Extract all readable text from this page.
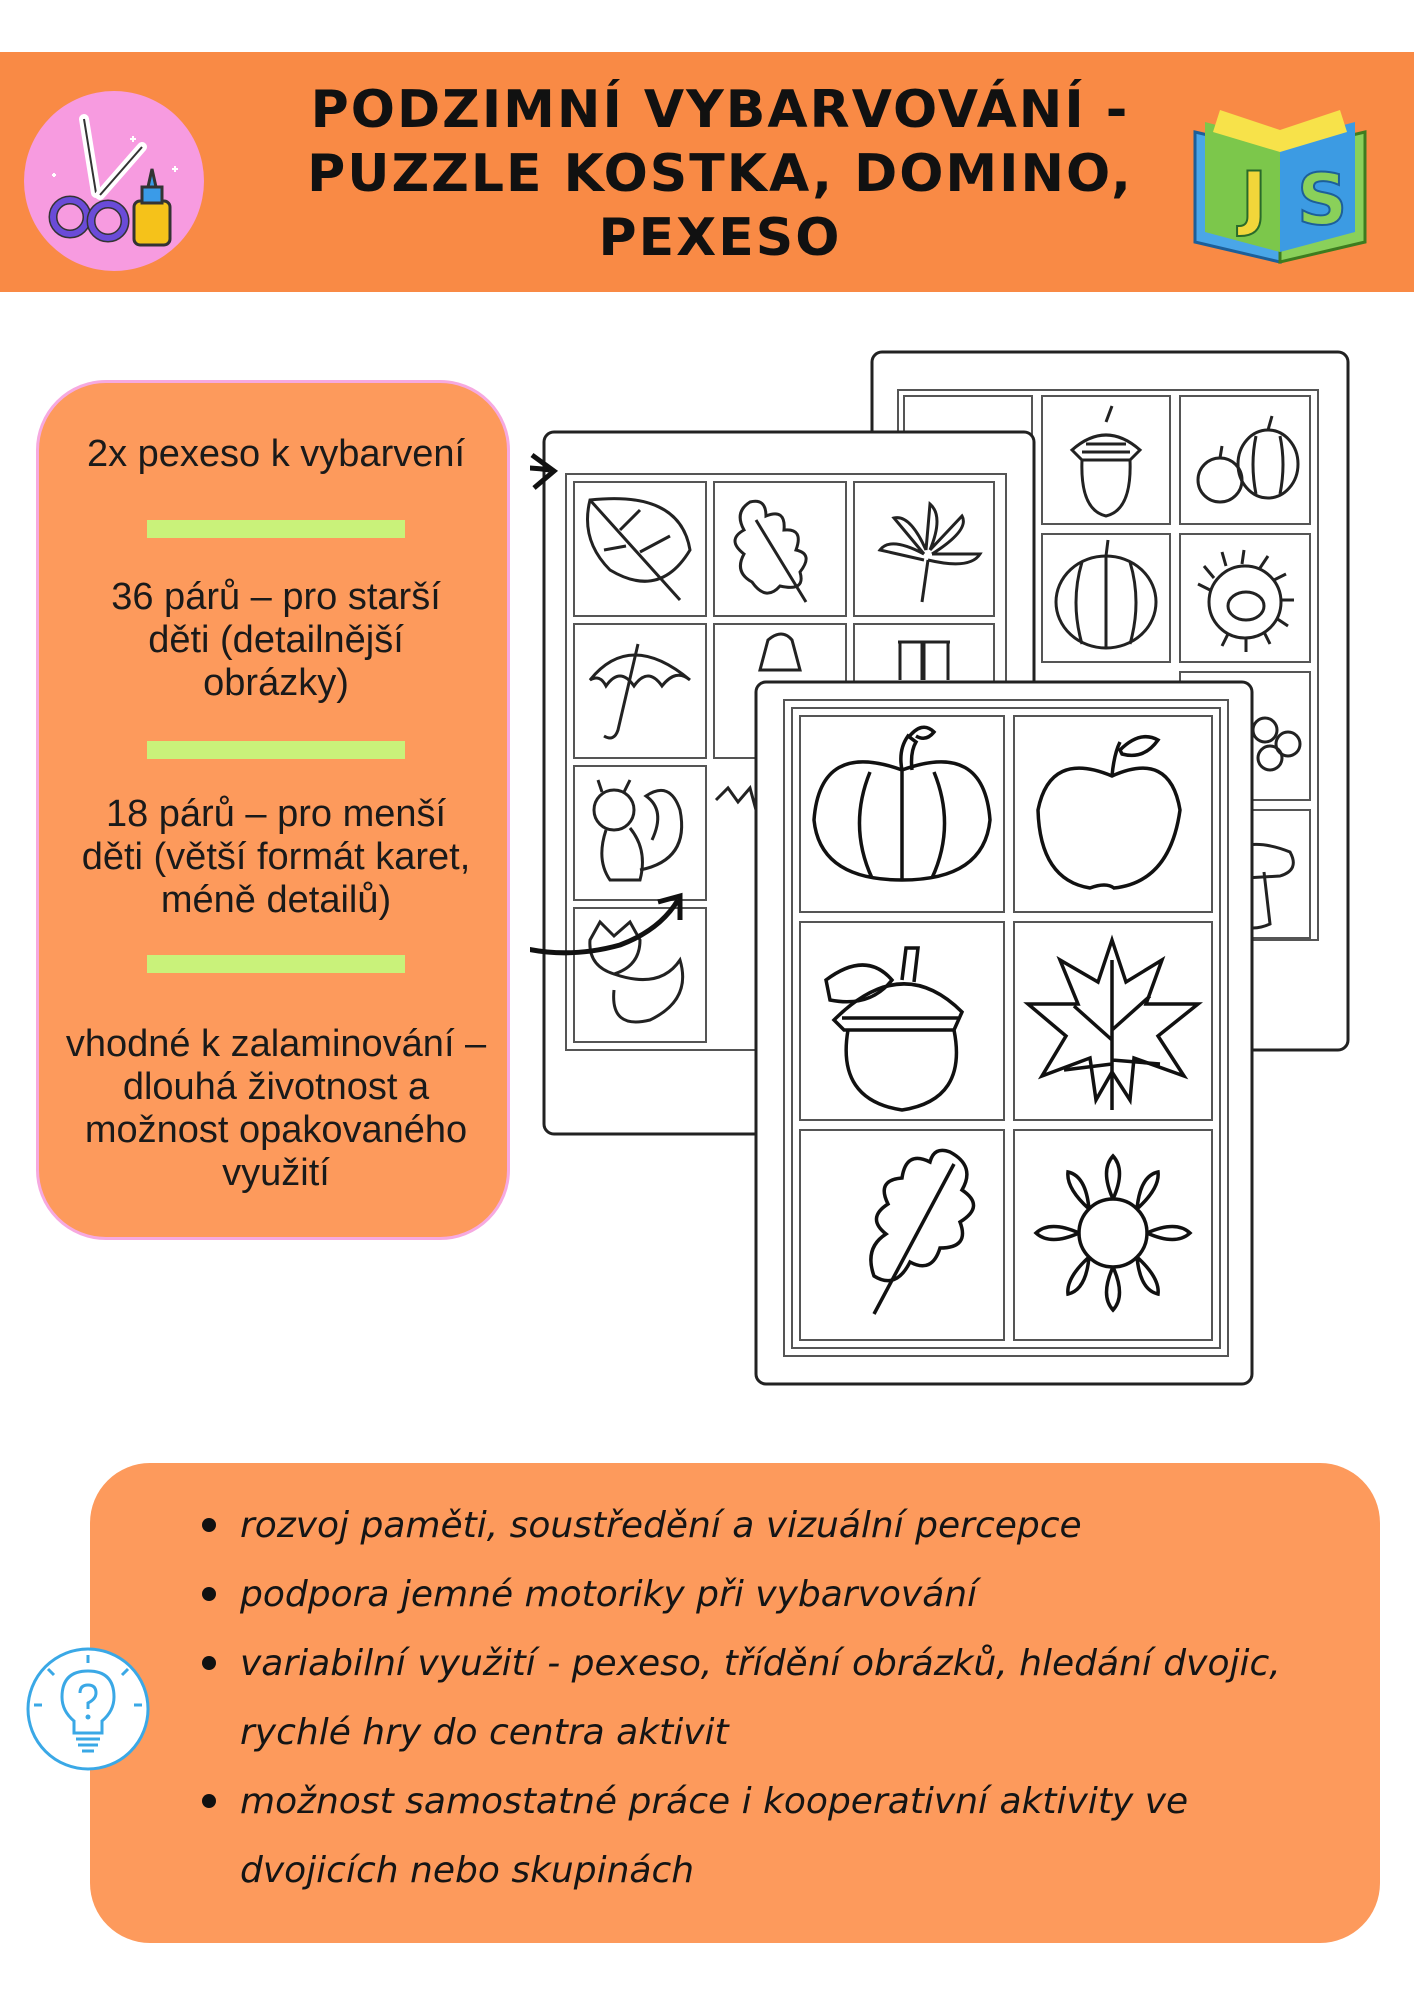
PODZIMNÍ VYBARVOVÁNÍ -
PUZZLE KOSTKA, DOMINO,
PEXESO	J S
2x pexeso k vybarvení
36 párů – pro starší děti (detailnější obrázky)
18 párů – pro menší děti (větší formát karet, méně detailů)
vhodné k zalaminování – dlouhá životnost a možnost opakovaného využití
rozvoj paměti, soustředění a vizuální percepce
podpora jemné motoriky při vybarvování
variabilní využití - pexeso, třídění obrázků, hledání dvojic, rychlé hry do centra aktivit
možnost samostatné práce i kooperativní aktivity ve dvojicích nebo skupinách
